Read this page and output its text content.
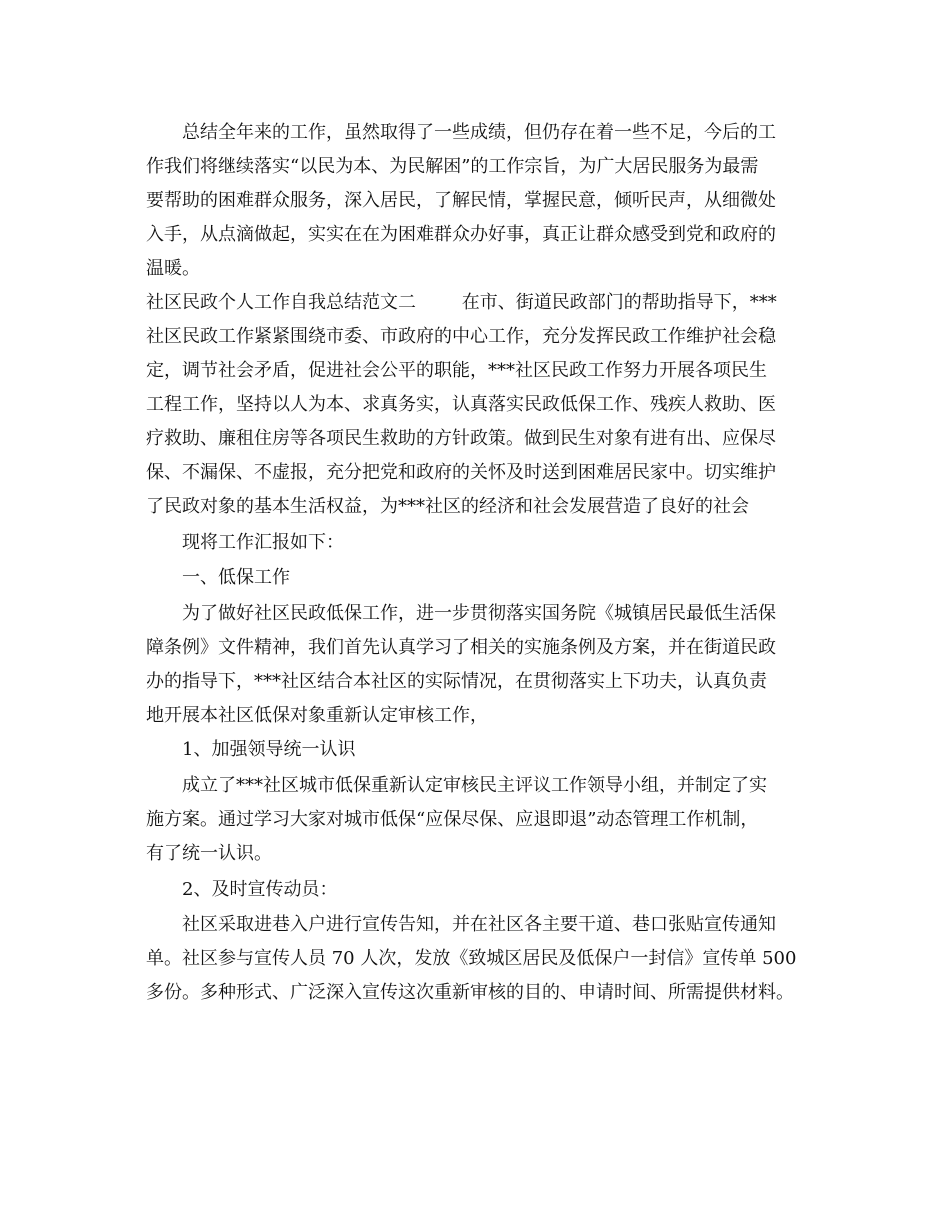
总结全年来的工作，虽然取得了一些成绩，但仍存在着一些不足，今后的工
作我们将继续落实“以民为本、为民解困”的工作宗旨，为广大居民服务为最需
要帮助的困难群众服务，深入居民，了解民情，掌握民意，倾听民声，从细微处
入手，从点滴做起，实实在在为困难群众办好事，真正让群众感受到党和政府的
温暖。
社区民政个人工作自我总结范文二        在市、街道民政部门的帮助指导下，***
社区民政工作紧紧围绕市委、市政府的中心工作，充分发挥民政工作维护社会稳
定，调节社会矛盾，促进社会公平的职能，***社区民政工作努力开展各项民生
工程工作，坚持以人为本、求真务实，认真落实民政低保工作、残疾人救助、医
疗救助、廉租住房等各项民生救助的方针政策。做到民生对象有进有出、应保尽
保、不漏保、不虚报，充分把党和政府的关怀及时送到困难居民家中。切实维护
了民政对象的基本生活权益，为***社区的经济和社会发展营造了良好的社会
现将工作汇报如下：
一、低保工作
为了做好社区民政低保工作，进一步贯彻落实国务院《城镇居民最低生活保
障条例》文件精神，我们首先认真学习了相关的实施条例及方案，并在街道民政
办的指导下，***社区结合本社区的实际情况，在贯彻落实上下功夫，认真负责
地开展本社区低保对象重新认定审核工作，
1、加强领导统一认识
成立了***社区城市低保重新认定审核民主评议工作领导小组，并制定了实
施方案。通过学习大家对城市低保“应保尽保、应退即退”动态管理工作机制，
有了统一认识。
2、及时宣传动员：
社区采取进巷入户进行宣传告知，并在社区各主要干道、巷口张贴宣传通知
单。社区参与宣传人员 70 人次，发放《致城区居民及低保户一封信》宣传单 500
多份。多种形式、广泛深入宣传这次重新审核的目的、申请时间、所需提供材料。
